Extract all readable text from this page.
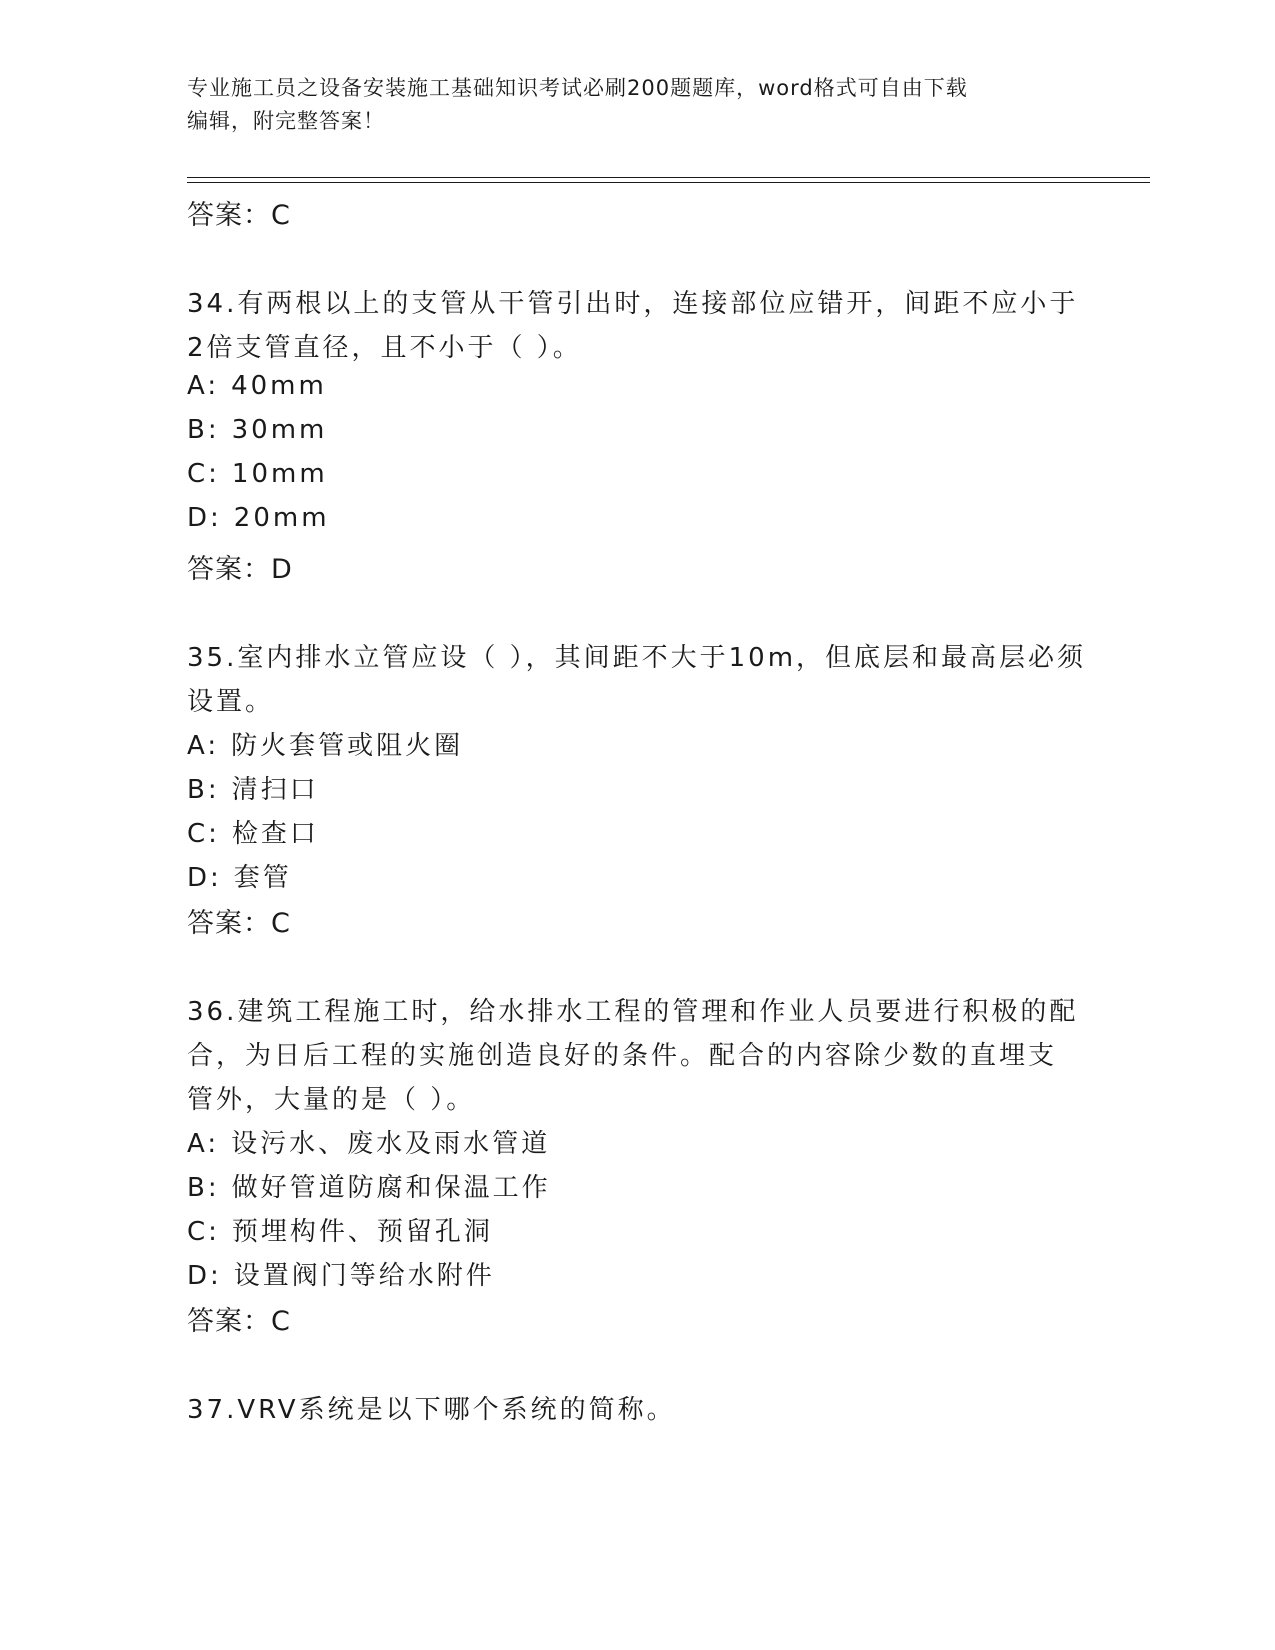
专业施工员之设备安装施工基础知识考试必刷200题题库，word格式可自由下载
编辑，附完整答案！
答案：C
34.有两根以上的支管从干管引出时，连接部位应错开，间距不应小于
2倍支管直径，且不小于（ ）。
A: 40mm
B: 30mm
C: 10mm
D: 20mm
答案：D
35.室内排水立管应设（ ），其间距不大于10m，但底层和最高层必须
设置。
A: 防火套管或阻火圈
B: 清扫口
C: 检查口
D: 套管
答案：C
36.建筑工程施工时，给水排水工程的管理和作业人员要进行积极的配
合，为日后工程的实施创造良好的条件。配合的内容除少数的直埋支
管外，大量的是（ ）。
A: 设污水、废水及雨水管道
B: 做好管道防腐和保温工作
C: 预埋构件、预留孔洞
D: 设置阀门等给水附件
答案：C
37.VRV系统是以下哪个系统的简称。
